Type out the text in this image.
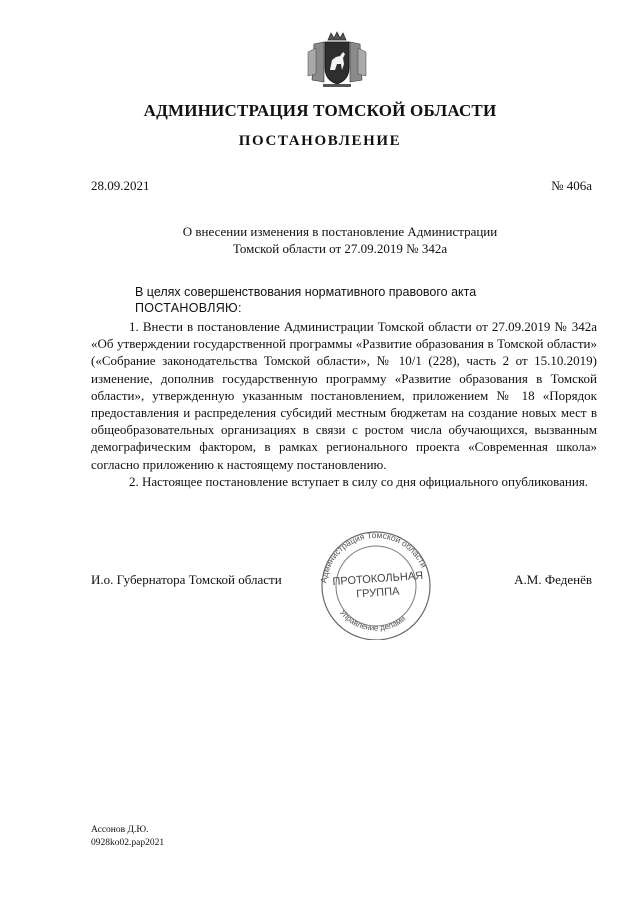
АДМИНИСТРАЦИЯ ТОМСКОЙ ОБЛАСТИ
ПОСТАНОВЛЕНИЕ
28.09.2021	№ 406а
О внесении изменения в постановление Администрации
Томской области от 27.09.2019 № 342а
В целях совершенствования нормативного правового акта
ПОСТАНОВЛЯЮ:

1. Внести в постановление Администрации Томской области от 27.09.2019 № 342а «Об утверждении государственной программы «Развитие образования в Томской области» («Собрание законодательства Томской области», № 10/1 (228), часть 2 от 15.10.2019) изменение, дополнив государственную программу «Развитие образования в Томской области», утвержденную указанным постановлением, приложением № 18 «Порядок предоставления и распределения субсидий местным бюджетам на создание новых мест в общеобразовательных организациях в связи с ростом числа обучающихся, вызванным демографическим фактором, в рамках регионального проекта «Современная школа» согласно приложению к настоящему постановлению.

2. Настоящее постановление вступает в силу со дня официального опубликования.

И.о. Губернатора Томской области	А.М. Феденёв
Администрация Томской области
Управление делами
ПРОТОКОЛЬНАЯ
ГРУППА
Ассонов Д.Ю.
0928ko02.pap2021
